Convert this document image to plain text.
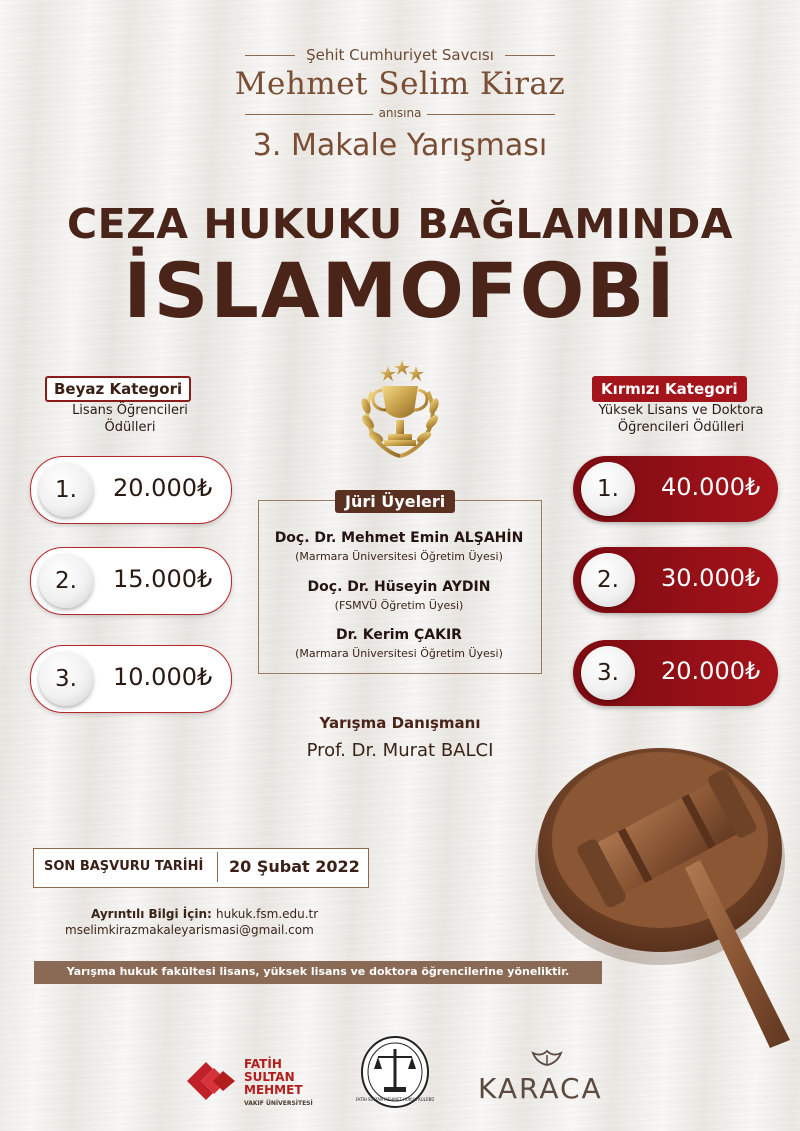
Şehit Cumhuriyet Savcısı
Mehmet Selim Kiraz
anısına
3. Makale Yarışması
CEZA HUKUKU BAĞLAMINDA
İSLAMOFOBİ
Beyaz Kategori
Lisans Öğrencileri
Ödülleri
1.	20.000₺
2.	15.000₺
3.	10.000₺
Kırmızı Kategori
Yüksek Lisans ve Doktora
Öğrencileri Ödülleri
1.	40.000₺
2.	30.000₺
3.	20.000₺
Jüri Üyeleri
Doç. Dr. Mehmet Emin ALŞAHİN
(Marmara Üniversitesi Öğretim Üyesi)
Doç. Dr. Hüseyin AYDIN
(FSMVÜ Öğretim Üyesi)
Dr. Kerim ÇAKIR
(Marmara Üniversitesi Öğretim Üyesi)
Yarışma Danışmanı
Prof. Dr. Murat BALCI
SON BAŞVURU TARİHİ 20 Şubat 2022
Ayrıntılı Bilgi İçin: hukuk.fsm.edu.tr
mselimkirazmakaleyarismasi@gmail.com
Yarışma hukuk fakültesi lisans, yüksek lisans ve doktora öğrencilerine yöneliktir.
FATİH
SULTAN
MEHMET
VAKIF ÜNİVERSİTESİ
FATİH SULTAN MEHMET HUKUK KULÜBÜ KARACA
